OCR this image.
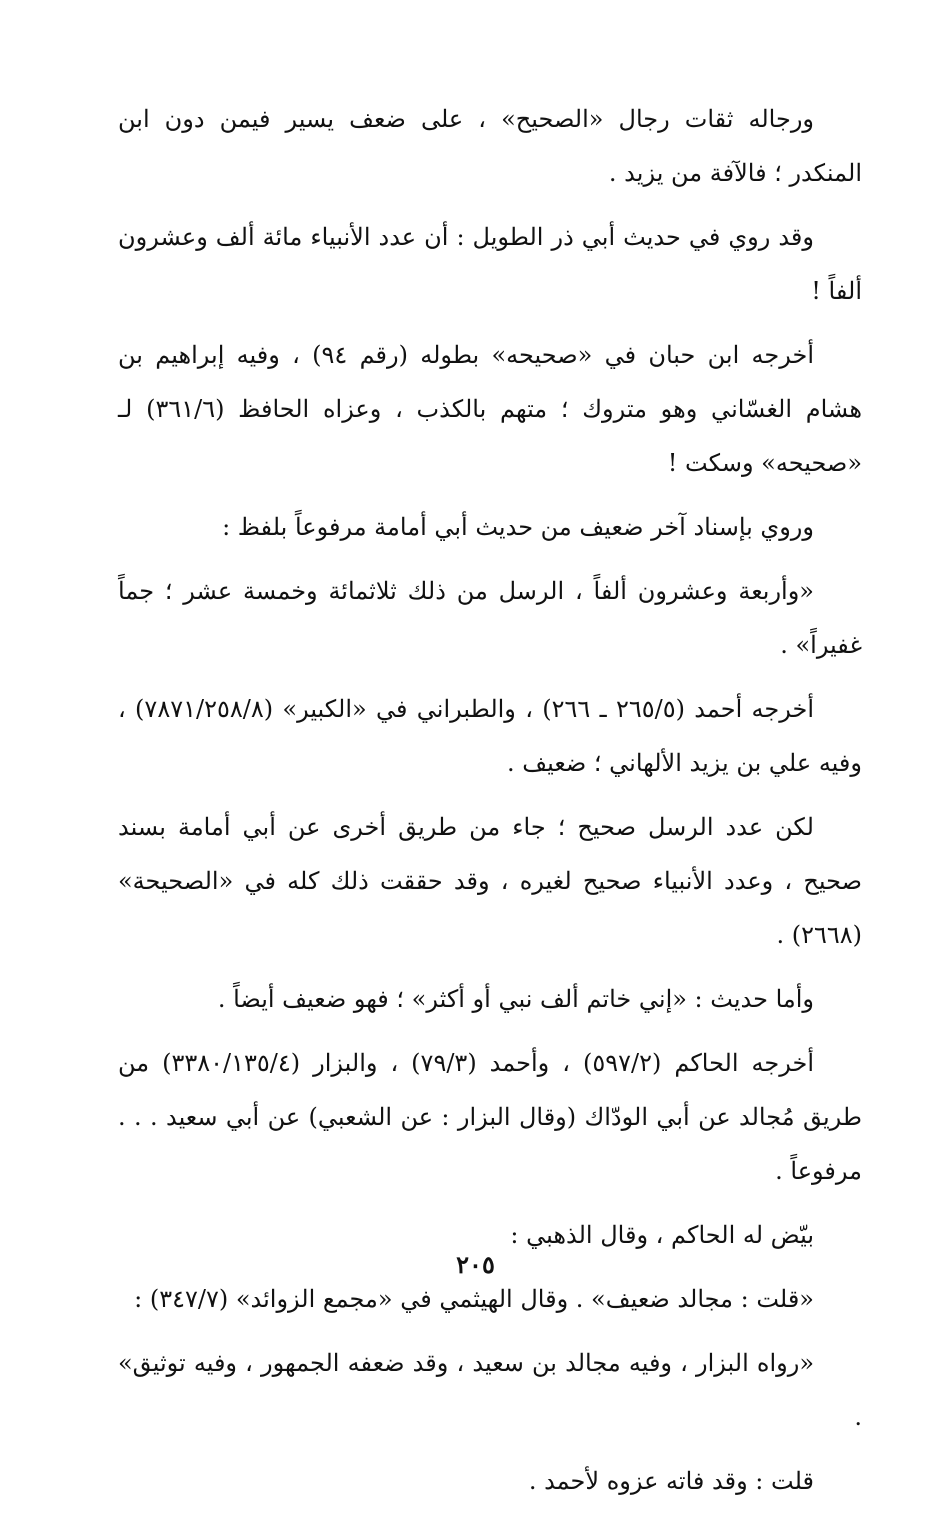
ورجاله ثقات رجال «الصحيح» ، على ضعف يسير فيمن دون ابن المنكدر ؛ فالآفة من يزيد .

وقد روي في حديث أبي ذر الطويل : أن عدد الأنبياء مائة ألف وعشرون ألفاً !

أخرجه ابن حبان في «صحيحه» بطوله (رقم ٩٤) ، وفيه إبراهيم بن هشام الغسّاني وهو متروك ؛ متهم بالكذب ، وعزاه الحافظ (٣٦١/٦) لـ «صحيحه» وسكت !

وروي بإسناد آخر ضعيف من حديث أبي أمامة مرفوعاً بلفظ :

«وأربعة وعشرون ألفاً ، الرسل من ذلك ثلاثمائة وخمسة عشر ؛ جماً غفيراً» .

أخرجه أحمد (٢٦٥/٥ ـ ٢٦٦) ، والطبراني في «الكبير» (٧٨٧١/٢٥٨/٨) ، وفيه علي بن يزيد الألهاني ؛ ضعيف .

لكن عدد الرسل صحيح ؛ جاء من طريق أخرى عن أبي أمامة بسند صحيح ، وعدد الأنبياء صحيح لغيره ، وقد حققت ذلك كله في «الصحيحة» (٢٦٦٨) .

وأما حديث : «إني خاتم ألف نبي أو أكثر» ؛ فهو ضعيف أيضاً .

أخرجه الحاكم (٥٩٧/٢) ، وأحمد (٧٩/٣) ، والبزار (٣٣٨٠/١٣٥/٤) من طريق مُجالد عن أبي الودّاك (وقال البزار : عن الشعبي) عن أبي سعيد . . . مرفوعاً .

بيّض له الحاكم ، وقال الذهبي :

«قلت : مجالد ضعيف» . وقال الهيثمي في «مجمع الزوائد» (٣٤٧/٧) :

«رواه البزار ، وفيه مجالد بن سعيد ، وقد ضعفه الجمهور ، وفيه توثيق» .

قلت : وقد فاته عزوه لأحمد .

٢٠٥
